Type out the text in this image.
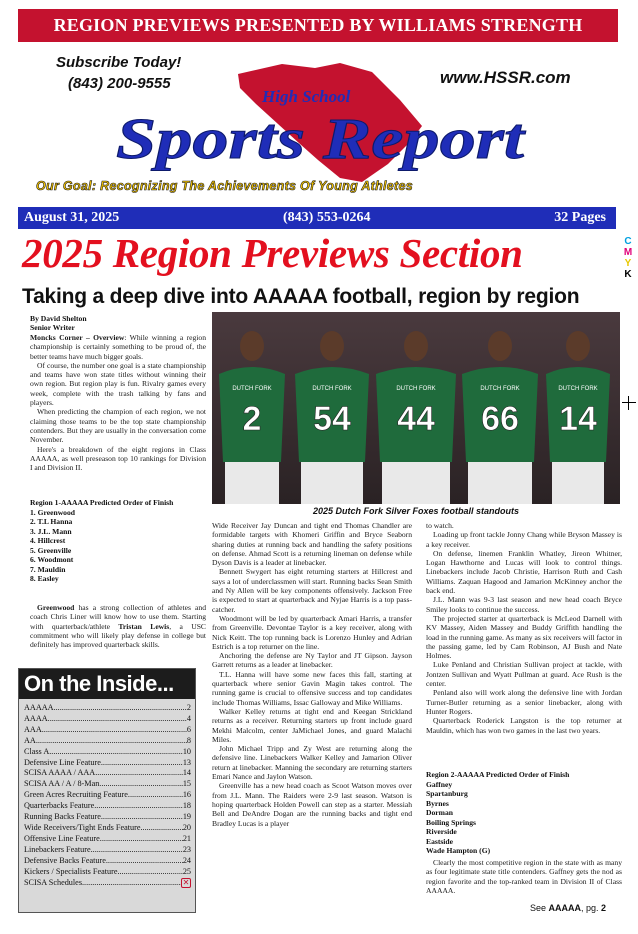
REGION PREVIEWS PRESENTED BY WILLIAMS STRENGTH
Subscribe Today!
(843) 200-9555	www.HSSR.com
High School
Sports Report
Our Goal: Recognizing The Achievements Of Young Athletes
August 31, 2025	(843) 553-0264	32 Pages
2025 Region Previews Section	C
M
Y
K
Taking a deep dive into AAAAA football, region by region
By David Shelton
Senior Writer

Moncks Corner – Overview: While winning a region championship is certainly something to be proud of, the better teams have much bigger goals.

Of course, the number one goal is a state championship and teams have won state titles without winning their own region. But region play is fun. Rivalry games every week, complete with the trash talking by fans and players.

When predicting the champion of each region, we not claiming those teams to be the top state championship contenders. But they are usually in the conversation come November.

Here's a breakdown of the eight regions in Class AAAAA, as well preseason top 10 rankings for Division I and Division II.

DUTCH FORK
2
DUTCH FORK
54
DUTCH FORK
44
DUTCH FORK
66
DUTCH FORK
14
2025 Dutch Fork Silver Foxes football standouts
Region 1-AAAAA Predicted Order of Finish
1. Greenwood
2. T.L Hanna
3. J.L. Mann
4. Hillcrest
5. Greenville
6. Woodmont
7. Mauldin
8. Easley

Greenwood has a strong collection of athletes and coach Chris Liner will know how to use them. Starting with quarterback/athlete Tristan Lewis, a USC commitment who will likely play defense in college but definitely has improved quarterback skills.

On the Inside...
AAAAA .....	2
AAAA .....	4
AAA .....	6
AA .....	8
Class A .....	10
Defensive Line Feature .....	13
SCISA AAAA / AAA .....	14
SCISA AA / A / 8-Man .....	15
Green Acres Recruiting Feature .....	16
Quarterbacks Feature .....	18
Running Backs Feature .....	19
Wide Receivers/Tight Ends Feature .....	20
Offensive Line Feature .....	21
Linebackers Feature .....	23
Defensive Backs Feature .....	24
Kickers / Specialists Feature .....	25
SCISA Schedules .....	✕

Wide Receiver Jay Duncan and tight end Thomas Chandler are formidable targets with Khomeri Griffin and Bryce Seaborn sharing duties at running back and handling the safety positions on defense. Ahmad Scott is a returning lineman on defense while Dyson Davis is a leader at linebacker.

Bennett Swygert has eight returning starters at Hillcrest and says a lot of underclassmen will start. Running backs Sean Smith and Ny Allen will be key components offensively. Jackson Free is expected to start at quarterback and Nyjae Harris is a top pass-catcher.

Woodmont will be led by quarterback Amari Harris, a transfer from Greenville. Devontae Taylor is a key receiver, along with Nick Keitt. The top running back is Lorenzo Hunley and Adrian Estrich is a top returner on the line.

Anchoring the defense are Ny Taylor and JT Gipson. Jayson Garrett returns as a leader at linebacker.

T.L. Hanna will have some new faces this fall, starting at quarterback where senior Gavin Magin takes control. The running game is crucial to offensive success and top candidates include Thomas Williams, Issac Galloway and Mike Williams.

Walker Kelley returns at tight end and Keegan Strickland returns as a receiver. Returning starters up front include guard Mekhi Malcolm, center JaMichael Jones, and guard Malachi Miles.

John Michael Tripp and Zy West are returning along the defensive line. Linebackers Walker Kelley and Jamarion Oliver return at linebacker. Manning the secondary are returning starters Emari Nance and Jaylon Watson.

Greenville has a new head coach as Scoot Watson moves over from J.L. Mann. The Raiders were 2-9 last season. Watson is hoping quarterback Holden Powell can step as a starter. Messiah Bell and DeAndre Dogan are the running backs and tight end Bradley Lucas is a player

to watch.

Loading up front tackle Jonny Chang while Bryson Massey is a key receiver.

On defense, linemen Franklin Whatley, Jireon Whitner, Logan Hawthorne and Lucas will look to control things. Linebackers include Jacob Christie, Harrison Ruth and Cash Williams. Zaquan Hagood and Jamarion McKinney anchor the back end.

J.L. Mann was 9-3 last season and new head coach Bryce Smiley looks to continue the success.

The projected starter at quarterback is McLeod Darnell with KV Massey, Aiden Massey and Buddy Griffith handling the load in the running game. As many as six receivers will factor in the passing game, led by Cam Robinson, AJ Bush and Nate Holmes.

Luke Penland and Christian Sullivan project at tackle, with Jontzen Sullivan and Wyatt Pullman at guard. Ace Rush is the center.

Penland also will work along the defensive line with Jordan Turner-Butler returning as a senior linebacker, along with Hunter Rogers.

Quarterback Roderick Langston is the top returner at Mauldin, which has won two games in the last two years.

Region 2-AAAAA Predicted Order of Finish
Gaffney
Spartanburg
Byrnes
Dorman
Boiling Springs
Riverside
Eastside
Wade Hampton (G)

Clearly the most competitive region in the state with as many as four legitimate state title contenders. Gaffney gets the nod as region favorite and the top-ranked team in Division II of Class AAAAA.

See AAAAA, pg. 2
